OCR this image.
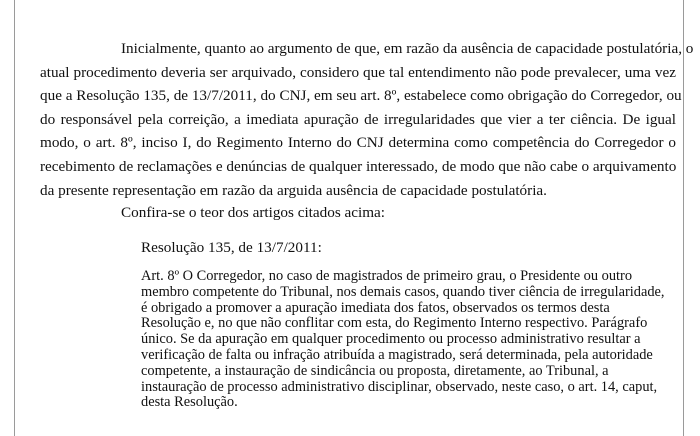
Inicialmente, quanto ao argumento de que, em razão da ausência de capacidade postulatória, o
atual procedimento deveria ser arquivado, considero que tal entendimento não pode prevalecer, uma vez
que a Resolução 135, de 13/7/2011, do CNJ, em seu art. 8º, estabelece como obrigação do Corregedor, ou
do responsável pela correição, a imediata apuração de irregularidades que vier a ter ciência. De igual
modo, o art. 8º, inciso I, do Regimento Interno do CNJ determina como competência do Corregedor o
recebimento de reclamações e denúncias de qualquer interessado, de modo que não cabe o arquivamento
da presente representação em razão da arguida ausência de capacidade postulatória.

Confira-se o teor dos artigos citados acima:

Resolução 135, de 13/7/2011:

Art. 8º O Corregedor, no caso de magistrados de primeiro grau, o Presidente ou outro
membro competente do Tribunal, nos demais casos, quando tiver ciência de irregularidade,
é obrigado a promover a apuração imediata dos fatos, observados os termos desta
Resolução e, no que não conflitar com esta, do Regimento Interno respectivo. Parágrafo
único. Se da apuração em qualquer procedimento ou processo administrativo resultar a
verificação de falta ou infração atribuída a magistrado, será determinada, pela autoridade
competente, a instauração de sindicância ou proposta, diretamente, ao Tribunal, a
instauração de processo administrativo disciplinar, observado, neste caso, o art. 14, caput,
desta Resolução.
